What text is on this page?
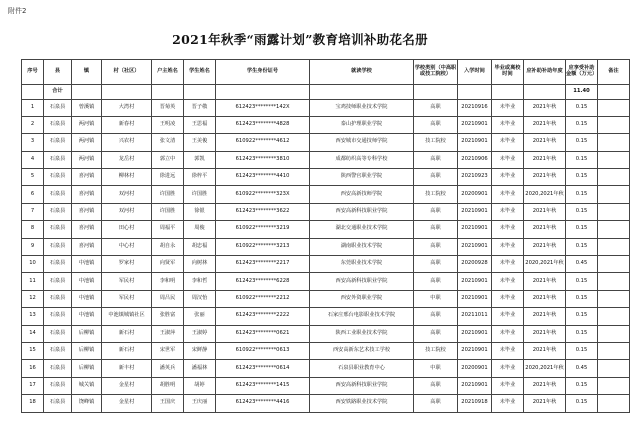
附件2
2021年秋季“雨露计划”教育培训补助花名册
序号	县	镇	村（社区）	户主姓名	学生姓名	学生身份证号	就读学校	学校类别（中高职或技工院校）	入学时间	毕业或离校时间	应补助补助年度	应享受补助金额（万元）	备注
	合计											11.40	
1	石泉县	曾溪镇	大湾村	晋菊英	晋子敬	612423********142X	宝鸡技师职业技术学院	高职	20210916	未毕业	2021年秋	0.15	
2	石泉县	两河镇	新春村	王明凌	王思福	612423********4828	泰山护理职业学院	高职	20210901	未毕业	2021年秋	0.15	
3	石泉县	两河镇	兴农村	张文清	王美俊	610922********4612	西安城市交通技师学院	技工院校	20210901	未毕业	2021年秋	0.15	
4	石泉县	两河镇	龙岳村	郭立中	郭凯	612423********3810	成都纺织高等专科学校	高职	20210906	未毕业	2021年秋	0.15	
5	石泉县	喜河镇	柳林村	徐进远	徐梓平	612423********4410	陕西警官职业学院	高职	20210923	未毕业	2021年秋	0.15	
6	石泉县	喜河镇	双河村	许国胜	许国胜	610922********323X	西安高新技师学院	技工院校	20200901	未毕业	2020,2021年秋	0.15	
7	石泉县	喜河镇	双河村	许国胜	徐银	612423********3622	西安高新科技职业学院	高职	20210901	未毕业	2021年秋	0.15	
8	石泉县	喜河镇	田心村	周福平	周俊	610922********3219	湖北交通职业技术学院	高职	20210901	未毕业	2021年秋	0.15	
9	石泉县	喜河镇	中心村	胡自永	胡忠福	610922********3213	湖南职业技术学院	高职	20210901	未毕业	2021年秋	0.15	
10	石泉县	中池镇	罗家村	向贤军	向树林	612423********2217	东莞职业技术学院	高职	20200928	未毕业	2020,2021年秋	0.45	
11	石泉县	中池镇	军民村	李和明	李和哲	612423********6228	西安高新科技职业学院	高职	20210901	未毕业	2021年秋	0.15	
12	石泉县	中池镇	军民村	周吕民	周汉怡	610922********2212	西安外资职业学院	中职	20210901	未毕业	2021年秋	0.15	
13	石泉县	中池镇	中池镇城镇社区	张胜富	张丽	612423********2222	石家庄邢台电影职业技术学院	高职	20211011	未毕业	2021年秋	0.15	
14	石泉县	后柳镇	新石村	王淑萍	王淑婷	612423********0621	陕西工业职业技术学院	高职	20210901	未毕业	2021年秋	0.15	
15	石泉县	后柳镇	新石村	宋世军	宋鲜静	610922********0613	西安高新东艺术技工学校	技工院校	20210901	未毕业	2021年秋	0.15	
16	石泉县	后柳镇	新丰村	潘英兵	潘福林	612423********0614	石泉县职业教育中心	中职	20200901	未毕业	2020,2021年秋	0.45	
17	石泉县	城关镇	金星村	胡胜明	胡婷	612423********1415	西安高新科技职业学院	高职	20210901	未毕业	2021年秋	0.15	
18	石泉县	饶峰镇	金星村	王国庆	王庆丽	612423********4416	西安铁路职业技术学院	高职	20210918	未毕业	2021年秋	0.15	
